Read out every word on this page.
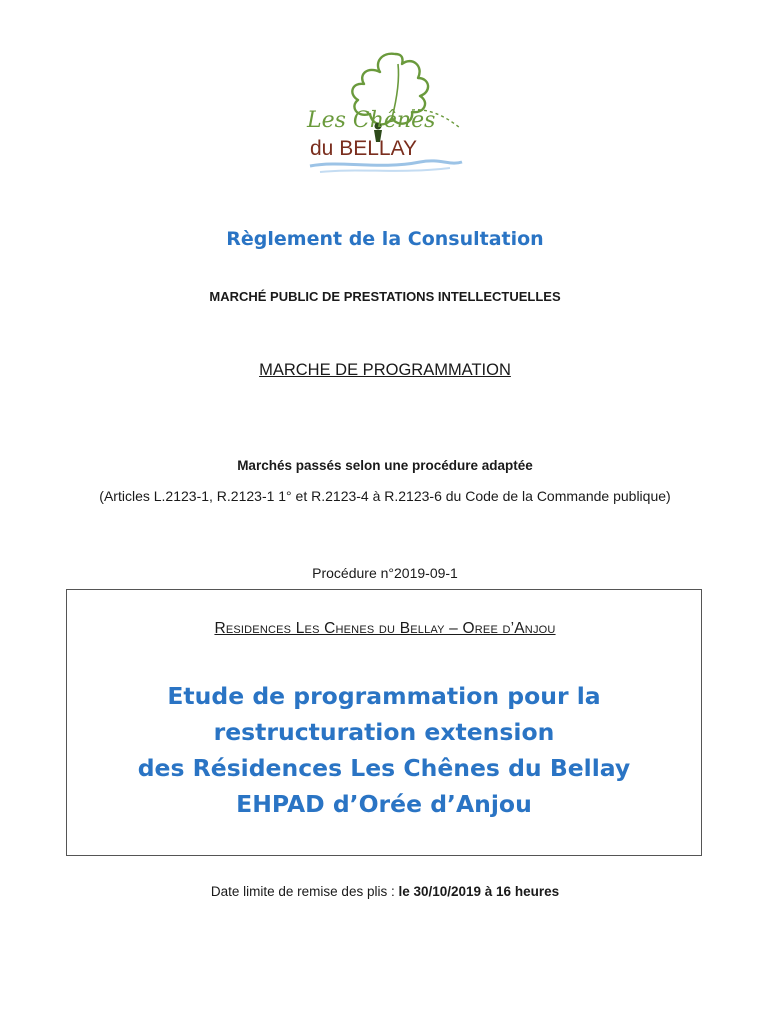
Les Chênes
du BELLAY
Règlement de la Consultation
MARCHÉ PUBLIC DE PRESTATIONS INTELLECTUELLES
MARCHE DE PROGRAMMATION
Marchés passés selon une procédure adaptée
(Articles L.2123-1, R.2123-1 1° et R.2123-4 à R.2123-6 du Code de la Commande publique)
Procédure n°2019-09-1
Residences Les Chenes du Bellay – Oree d’Anjou
Etude de programmation pour la
restructuration extension
des Résidences Les Chênes du Bellay
EHPAD d’Orée d’Anjou
Date limite de remise des plis : le 30/10/2019 à 16 heures
